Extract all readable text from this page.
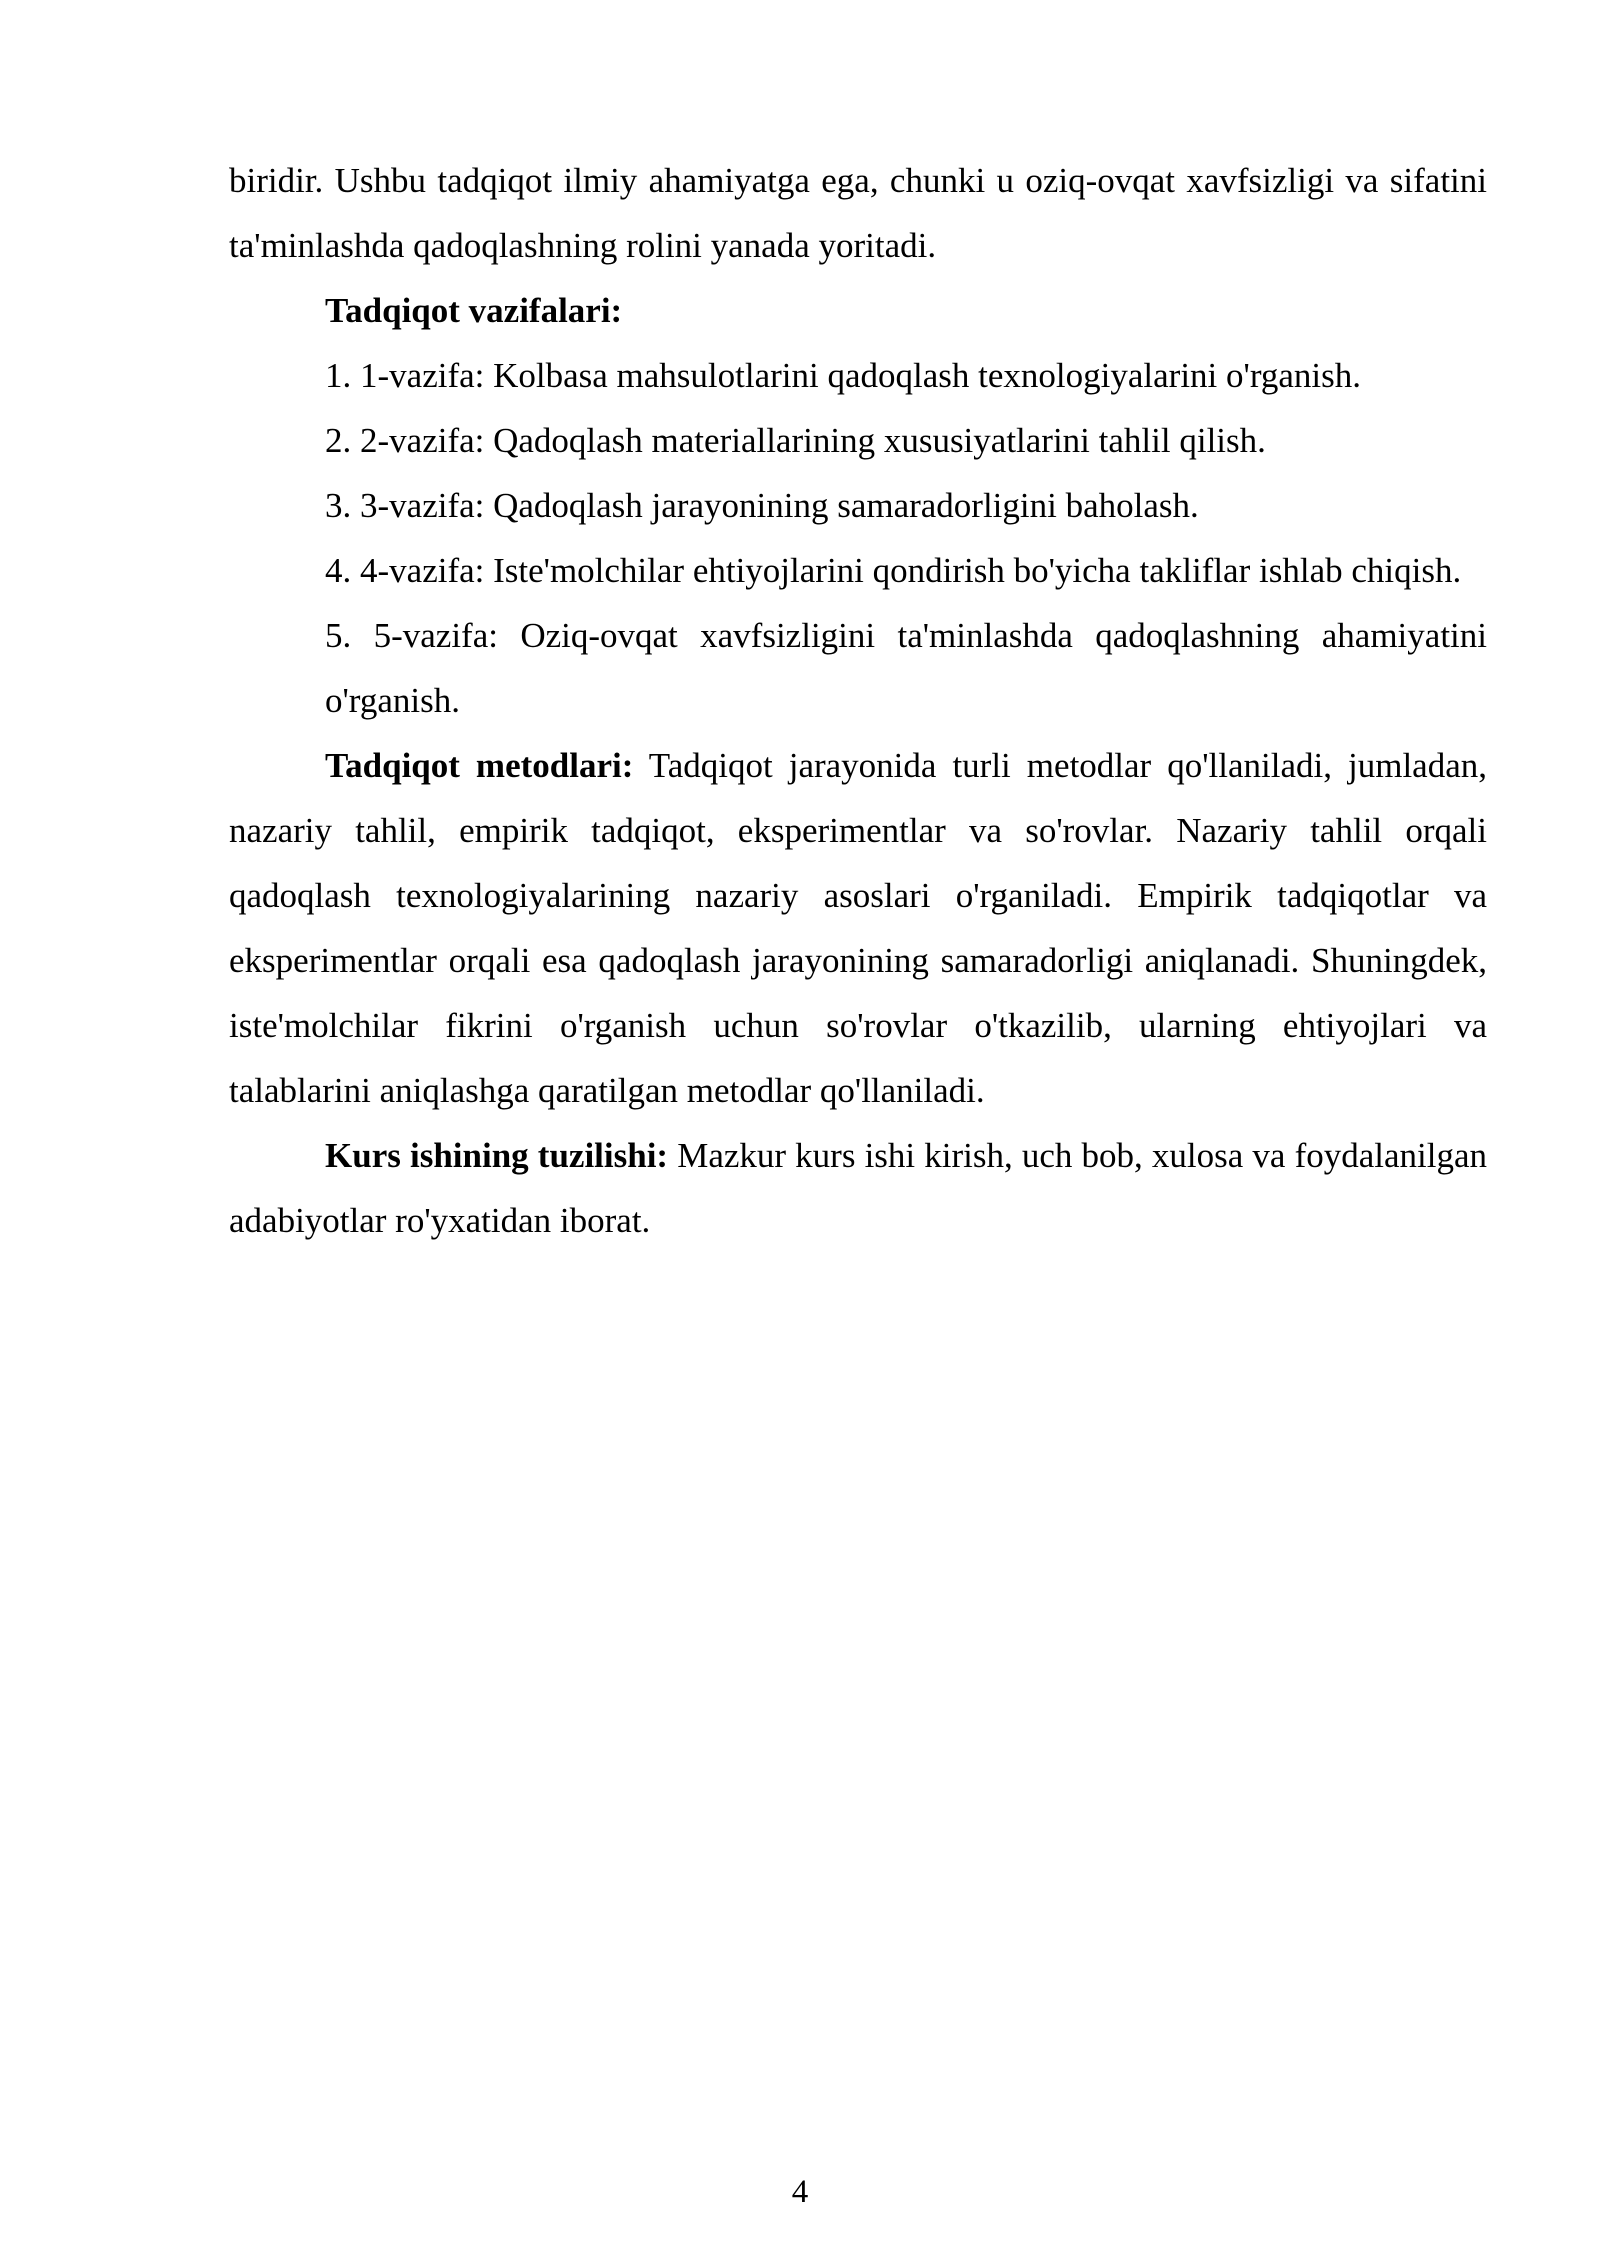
biridir. Ushbu tadqiqot ilmiy ahamiyatga ega, chunki u oziq-ovqat xavfsizligi va sifatini ta'minlashda qadoqlashning rolini yanada yoritadi.

Tadqiqot vazifalari:

1. 1-vazifa: Kolbasa mahsulotlarini qadoqlash texnologiyalarini o'rganish.

2. 2-vazifa: Qadoqlash materiallarining xususiyatlarini tahlil qilish.

3. 3-vazifa: Qadoqlash jarayonining samaradorligini baholash.

4. 4-vazifa: Iste'molchilar ehtiyojlarini qondirish bo'yicha takliflar ishlab chiqish.

5. 5-vazifa: Oziq-ovqat xavfsizligini ta'minlashda qadoqlashning ahamiyatini o'rganish.

Tadqiqot metodlari: Tadqiqot jarayonida turli metodlar qo'llaniladi, jumladan, nazariy tahlil, empirik tadqiqot, eksperimentlar va so'rovlar. Nazariy tahlil orqali qadoqlash texnologiyalarining nazariy asoslari o'rganiladi. Empirik tadqiqotlar va eksperimentlar orqali esa qadoqlash jarayonining samaradorligi aniqlanadi. Shuningdek, iste'molchilar fikrini o'rganish uchun so'rovlar o'tkazilib, ularning ehtiyojlari va talablarini aniqlashga qaratilgan metodlar qo'llaniladi.

Kurs ishining tuzilishi: Mazkur kurs ishi kirish, uch bob, xulosa va foydalanilgan adabiyotlar ro'yxatidan iborat.

4
